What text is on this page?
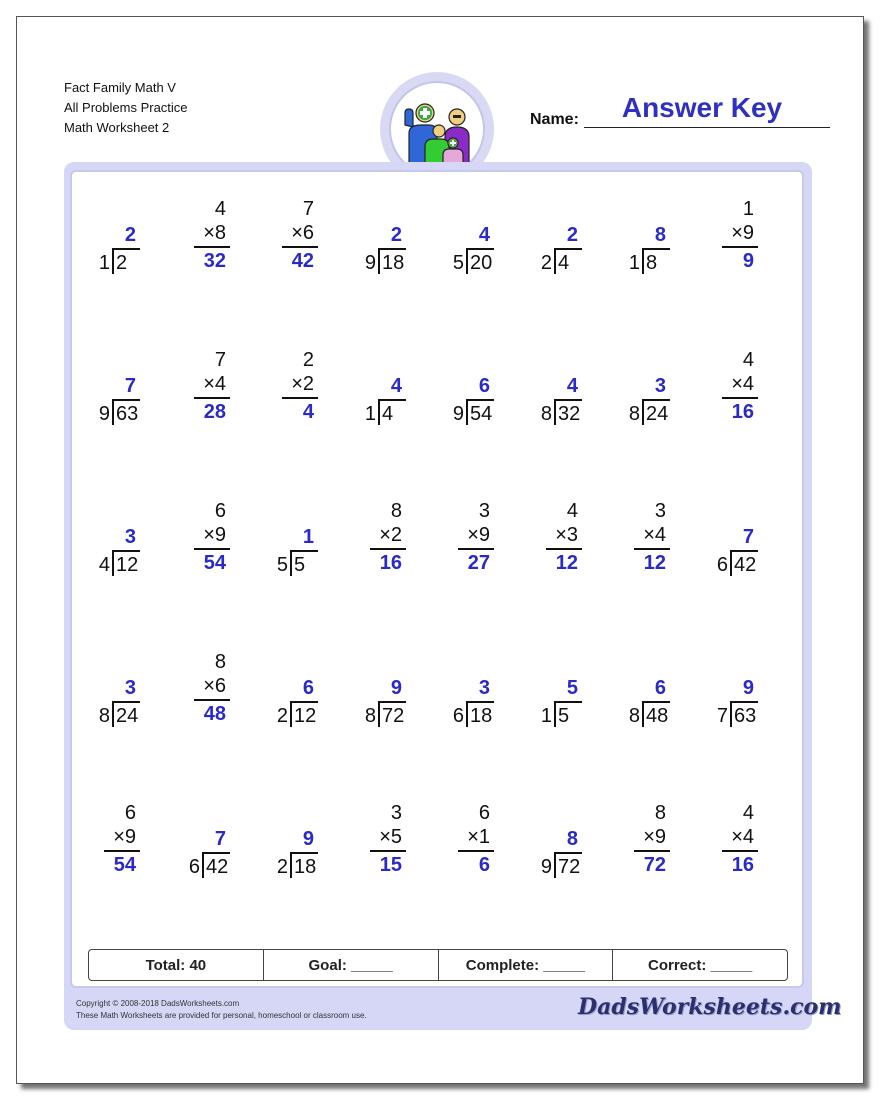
Fact Family Math V
All Problems Practice
Math Worksheet 2	Name:	Answer Key
2
1 2
4
×8
32
7
×6
42
2
9 18
4
5 20
2
2 4
8
1 8
1
×9
9
7
9 63
7
×4
28
2
×2
4
4
1 4
6
9 54
4
8 32
3
8 24
4
×4
16
3
4 12
6
×9
54
1
5 5
8
×2
16
3
×9
27
4
×3
12
3
×4
12
7
6 42
3
8 24
8
×6
48
6
2 12
9
8 72
3
6 18
5
1 5
6
8 48
9
7 63
6
×9
54
7
6 42
9
2 18
3
×5
15
6
×1
6
8
9 72
8
×9
72
4
×4
16
Total: 40	Goal: _____	Complete: _____	Correct: _____
Copyright © 2008-2018 DadsWorksheets.com
These Math Worksheets are provided for personal, homeschool or classroom use.	DadsWorksheets.com
